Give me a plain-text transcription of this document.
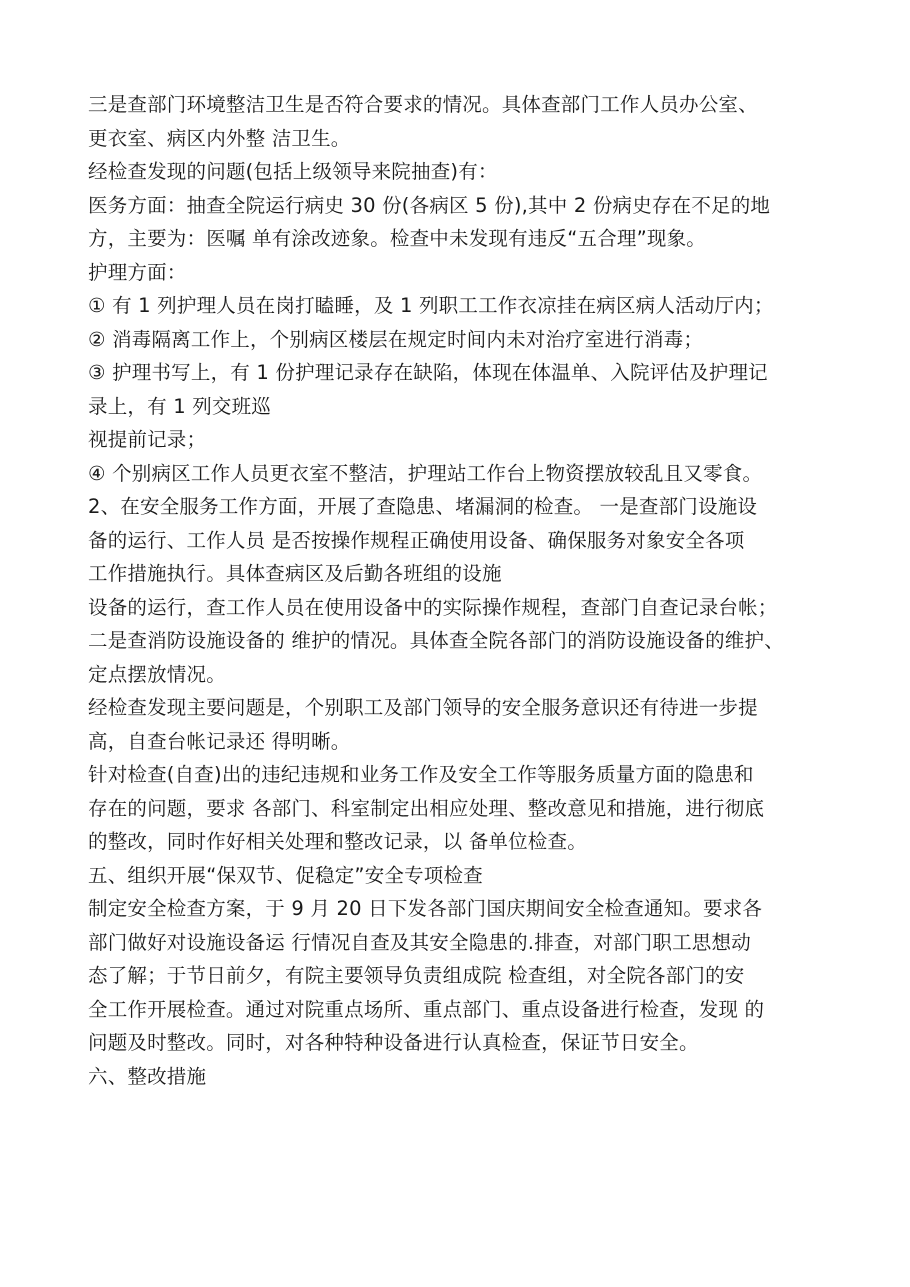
三是查部门环境整洁卫生是否符合要求的情况。具体查部门工作人员办公室、
更衣室、病区内外整 洁卫生。
经检查发现的问题(包括上级领导来院抽查)有：
医务方面：抽查全院运行病史 30 份(各病区 5 份),其中 2 份病史存在不足的地
方，主要为：医嘱 单有涂改迹象。检查中未发现有违反“五合理”现象。
护理方面：
① 有 1 列护理人员在岗打瞌睡，及 1 列职工工作衣凉挂在病区病人活动厅内；
② 消毒隔离工作上，个别病区楼层在规定时间内未对治疗室进行消毒；
③ 护理书写上，有 1 份护理记录存在缺陷，体现在体温单、入院评估及护理记
录上，有 1 列交班巡
视提前记录；
④ 个别病区工作人员更衣室不整洁，护理站工作台上物资摆放较乱且又零食。
2、在安全服务工作方面，开展了查隐患、堵漏洞的检查。 一是查部门设施设
备的运行、工作人员 是否按操作规程正确使用设备、确保服务对象安全各项
工作措施执行。具体查病区及后勤各班组的设施
设备的运行，查工作人员在使用设备中的实际操作规程，查部门自查记录台帐；
二是查消防设施设备的 维护的情况。具体查全院各部门的消防设施设备的维护、
定点摆放情况。
经检查发现主要问题是，个别职工及部门领导的安全服务意识还有待进一步提
高，自查台帐记录还 得明晰。
针对检查(自查)出的违纪违规和业务工作及安全工作等服务质量方面的隐患和
存在的问题，要求 各部门、科室制定出相应处理、整改意见和措施，进行彻底
的整改，同时作好相关处理和整改记录，以 备单位检查。
五、组织开展“保双节、促稳定”安全专项检查
制定安全检查方案，于 9 月 20 日下发各部门国庆期间安全检查通知。要求各
部门做好对设施设备运 行情况自查及其安全隐患的.排查，对部门职工思想动
态了解；于节日前夕，有院主要领导负责组成院 检查组，对全院各部门的安
全工作开展检查。通过对院重点场所、重点部门、重点设备进行检查，发现 的
问题及时整改。同时，对各种特种设备进行认真检查，保证节日安全。
六、整改措施
